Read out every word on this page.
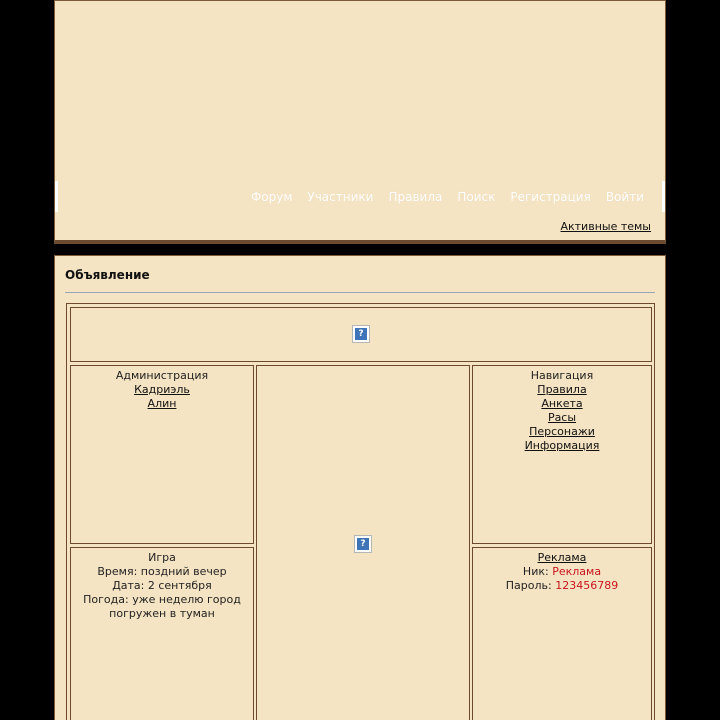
Форум Участники Правила Поиск Регистрация Войти
Активные темы
Объявление
?
Администрация
Кадриэль
Алин
?
Навигация
Правила
Анкета
Расы
Персонажи
Информация
Игра
Время: поздний вечер
Дата: 2 сентября
Погода: уже неделю город погружен в туман
Реклама
Ник: Реклама
Пароль: 123456789
